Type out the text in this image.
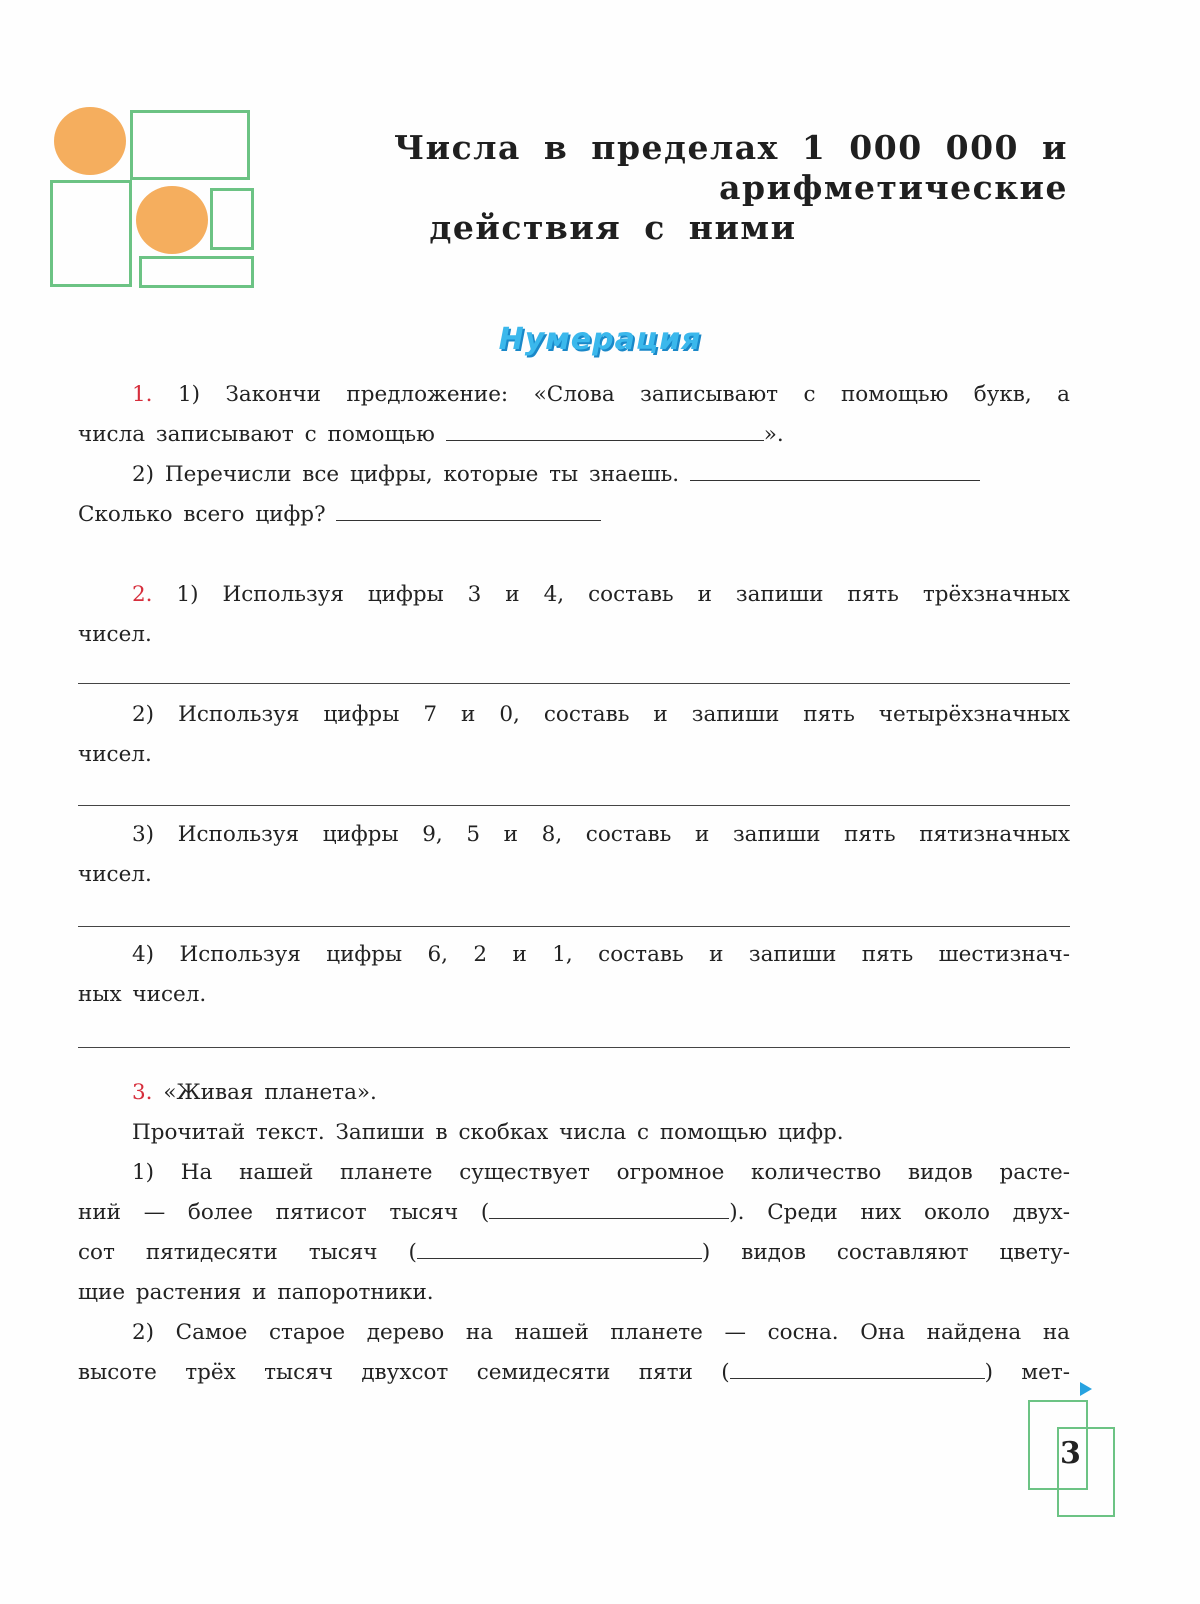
Числа в пределах 1 000 000 и арифметические
действия с ними
Нумерация
1. 1) Закончи предложение: «Слова записывают с помощью букв, а
числа записывают с помощью	».
2) Перечисли все цифры, которые ты знаешь.
Сколько всего цифр?
2. 1) Используя цифры 3 и 4, составь и запиши пять трёхзначных
чисел.
2) Используя цифры 7 и 0, составь и запиши пять четырёхзначных
чисел.
3) Используя цифры 9, 5 и 8, составь и запиши пять пятизначных
чисел.
4) Используя цифры 6, 2 и 1, составь и запиши пять шестизнач-
ных чисел.
3. «Живая планета».
Прочитай текст. Запиши в скобках числа с помощью цифр.
1) На нашей планете существует огромное количество видов расте-
ний — более пятисот тысяч (	). Среди них около двух-
сот пятидесяти тысяч (	) видов составляют цвету-
щие растения и папоротники.
2) Самое старое дерево на нашей планете — сосна. Она найдена на
высоте трёх тысяч двухсот семидесяти пяти (	) мет-
3
